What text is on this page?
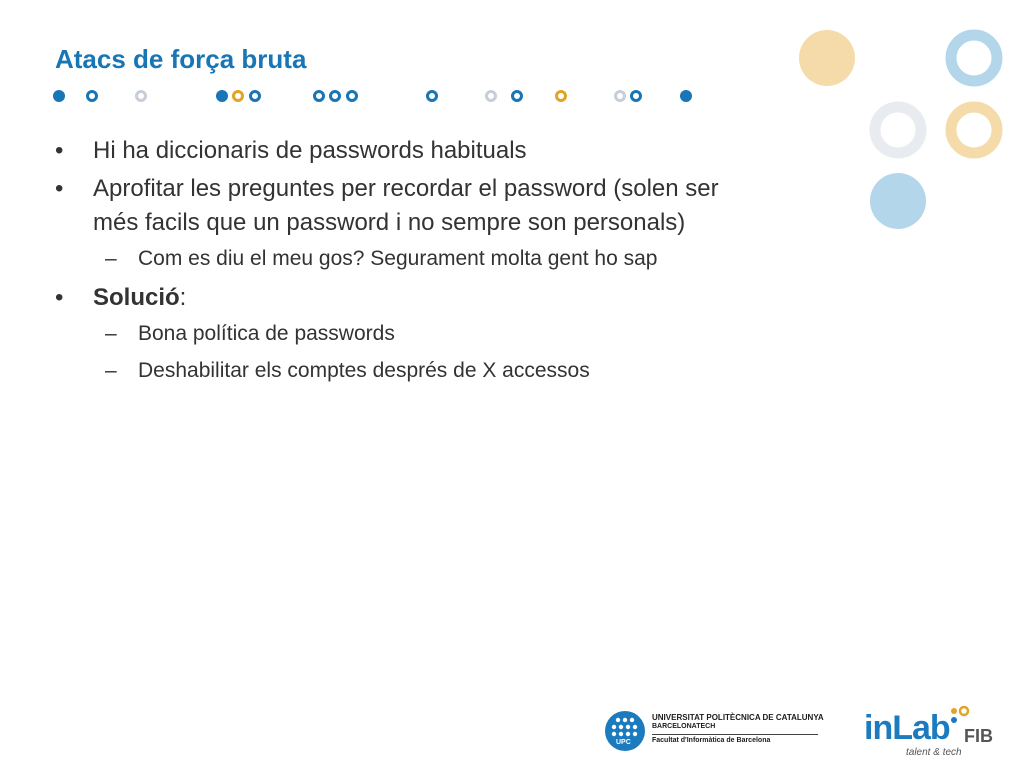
Atacs de força bruta
• Hi ha diccionaris de passwords habituals
• Aprofitar les preguntes per recordar el password (solen ser
més facils que un password i no sempre son personals)
– Com es diu el meu gos? Segurament molta gent ho sap
• Solució:
– Bona política de passwords
– Deshabilitar els comptes després de X accessos
UPC
UNIVERSITAT POLITÈCNICA DE CATALUNYA
BARCELONATECH
Facultat d'Informàtica de Barcelona	inLab FIB
talent & tech
